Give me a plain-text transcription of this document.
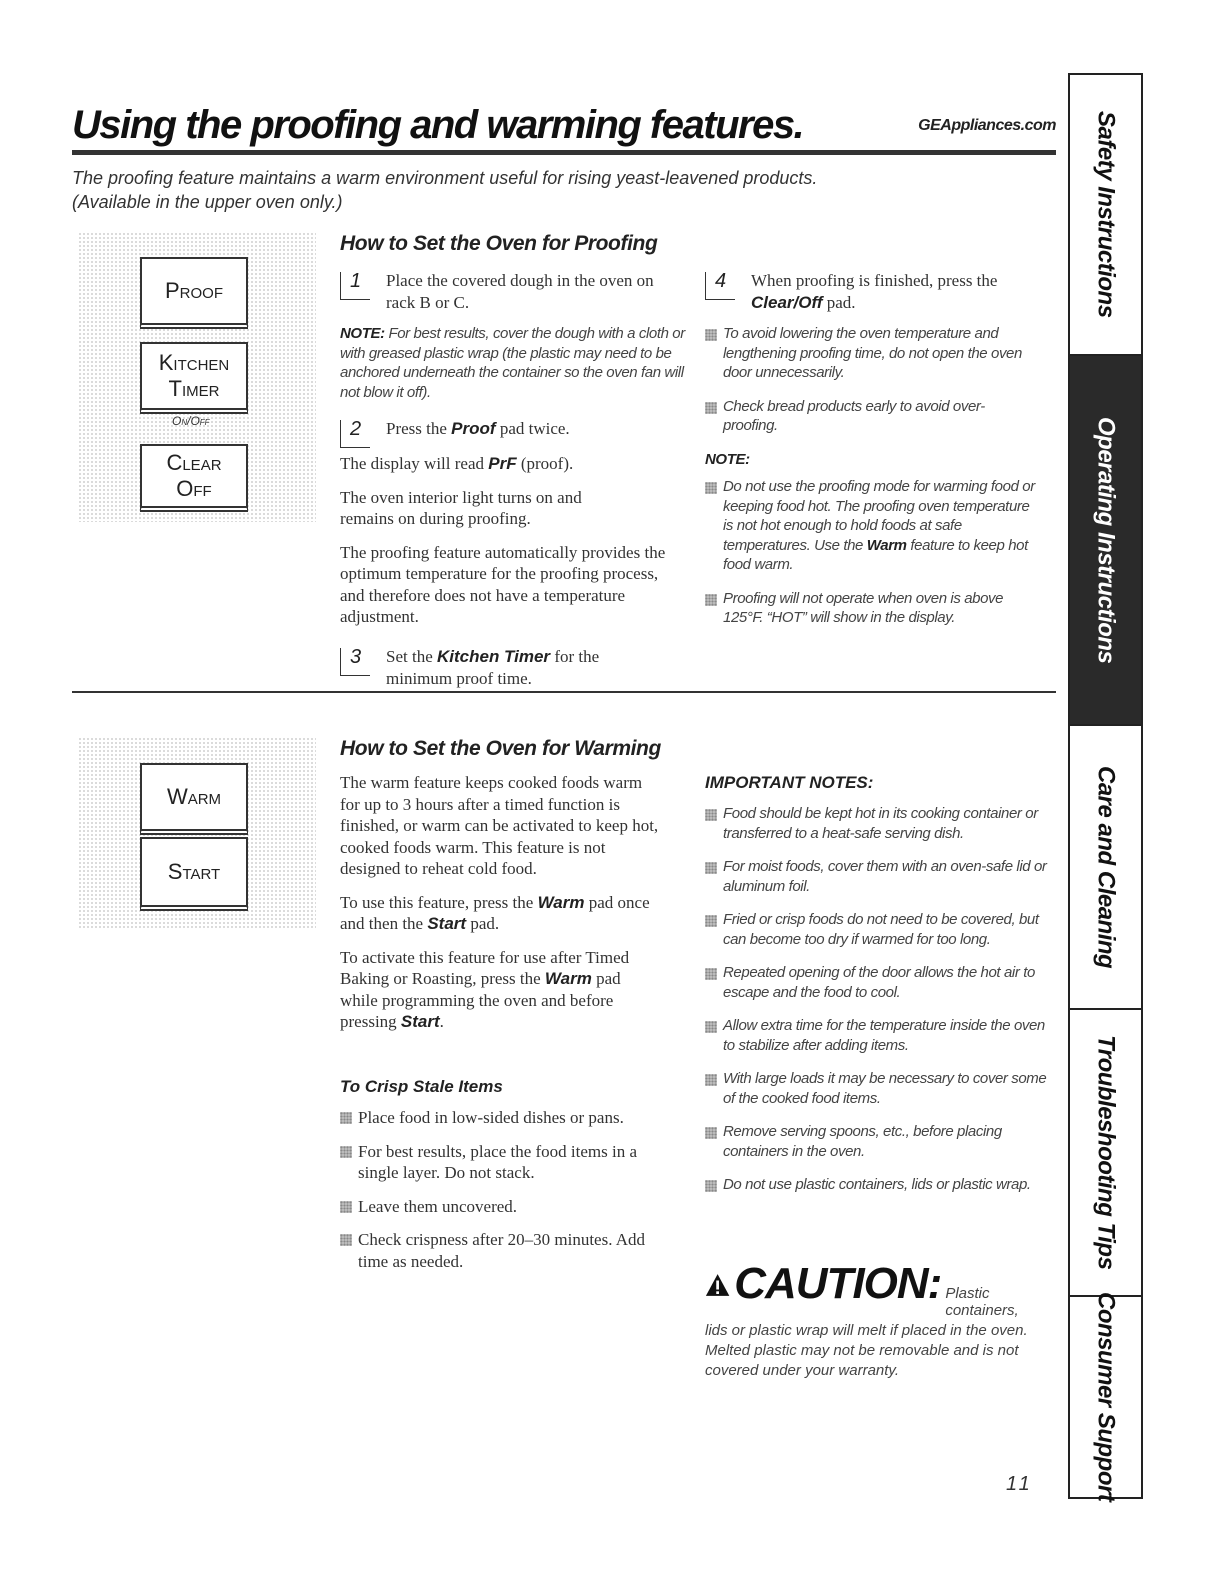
Using the proofing and warming features.	GEAppliances.com
The proofing feature maintains a warm environment useful for rising yeast-leavened products.
(Available in the upper oven only.)
Proof
Kitchen
Timer
On/Off
Clear
Off
How to Set the Oven for Proofing
1	Place the covered dough in the oven on rack B or C.
NOTE: For best results, cover the dough with a cloth or with greased plastic wrap (the plastic may need to be anchored underneath the container so the oven fan will not blow it off).
2	Press the Proof pad twice.

The display will read PrF (proof).

The oven interior light turns on and remains on during proofing.

The proofing feature automatically provides the optimum temperature for the proofing process, and therefore does not have a temperature adjustment.

3	Set the Kitchen Timer for the minimum proof time.
4	When proofing is finished, press the Clear/Off pad.
To avoid lowering the oven temperature and lengthening proofing time, do not open the oven door unnecessarily.
Check bread products early to avoid over-proofing.
NOTE:
Do not use the proofing mode for warming food or keeping food hot. The proofing oven temperature is not hot enough to hold foods at safe temperatures. Use the Warm feature to keep hot food warm.
Proofing will not operate when oven is above 125°F. “HOT” will show in the display.
Warm
Start
How to Set the Oven for Warming

The warm feature keeps cooked foods warm for up to 3 hours after a timed function is finished, or warm can be activated to keep hot, cooked foods warm. This feature is not designed to reheat cold food.

To use this feature, press the Warm pad once and then the Start pad.

To activate this feature for use after Timed Baking or Roasting, press the Warm pad while programming the oven and before pressing Start.

To Crisp Stale Items
Place food in low-sided dishes or pans.
For best results, place the food items in a single layer. Do not stack.
Leave them uncovered.
Check crispness after 20–30 minutes. Add time as needed.
IMPORTANT NOTES:
Food should be kept hot in its cooking container or transferred to a heat-safe serving dish.
For moist foods, cover them with an oven-safe lid or aluminum foil.
Fried or crisp foods do not need to be covered, but can become too dry if warmed for too long.
Repeated opening of the door allows the hot air to escape and the food to cool.
Allow extra time for the temperature inside the oven to stabilize after adding items.
With large loads it may be necessary to cover some of the cooked food items.
Remove serving spoons, etc., before placing containers in the oven.
Do not use plastic containers, lids or plastic wrap.
CAUTION: Plastic containers,
lids or plastic wrap will melt if placed in the oven. Melted plastic may not be removable and is not covered under your warranty.
11
Safety Instructions
Operating Instructions
Care and Cleaning
Troubleshooting Tips
Consumer Support
